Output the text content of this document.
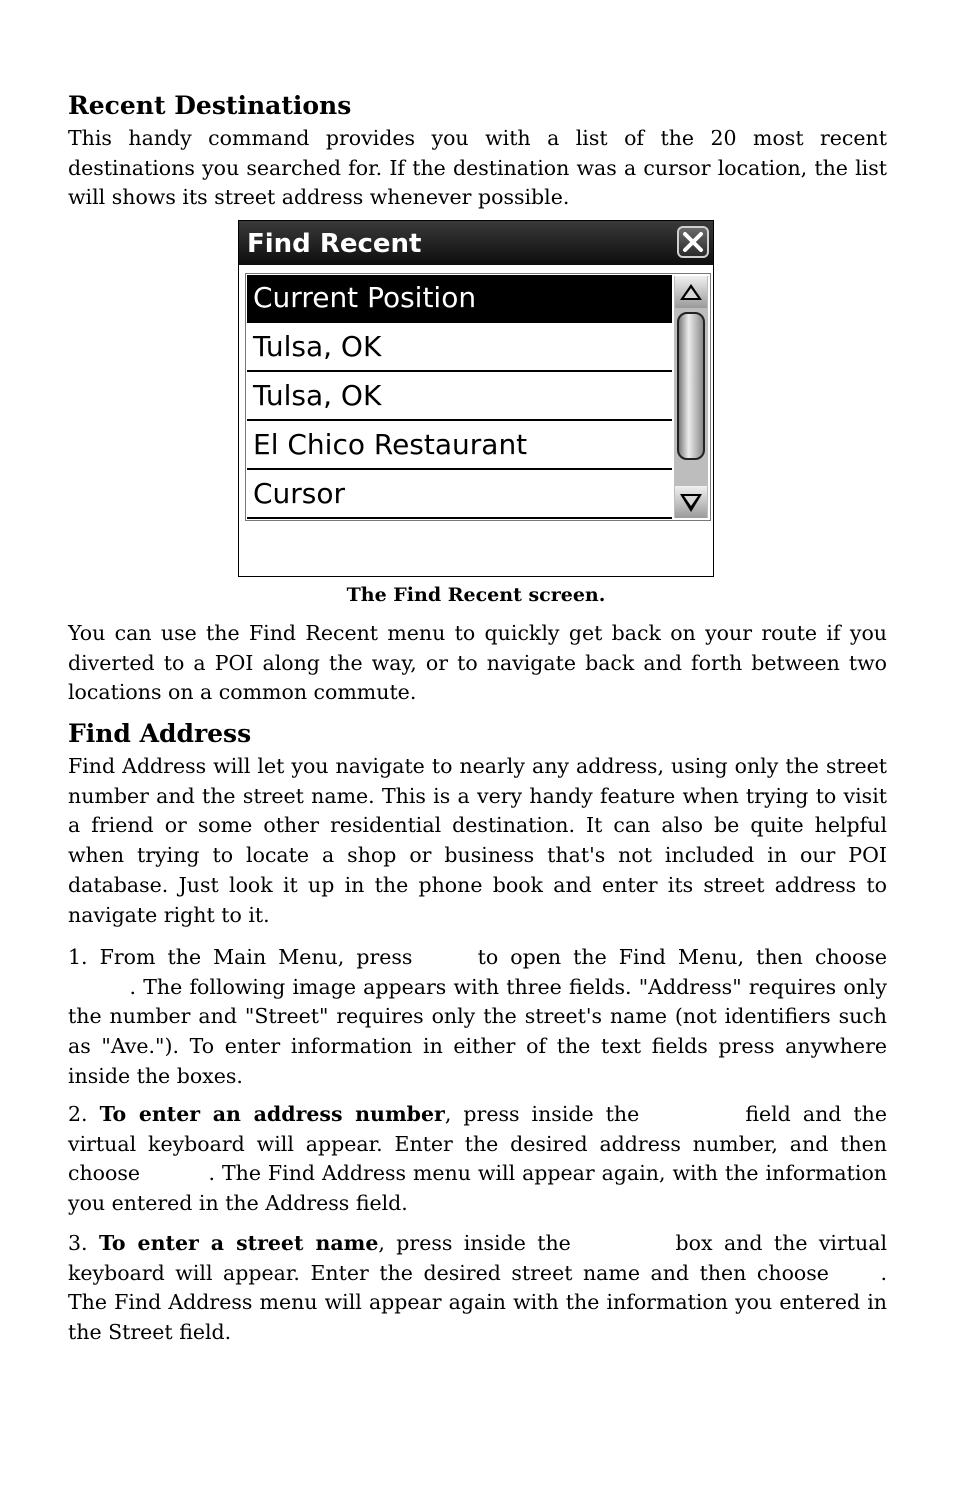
Recent Destinations

This handy command provides you with a list of the 20 most recent destinations you searched for. If the destination was a cursor location, the list will shows its street address whenever possible.

Find Recent
Current Position
Tulsa, OK
Tulsa, OK
El Chico Restaurant
Cursor
The Find Recent screen.

You can use the Find Recent menu to quickly get back on your route if you diverted to a POI along the way, or to navigate back and forth between two locations on a common commute.

Find Address

Find Address will let you navigate to nearly any address, using only the street number and the street name. This is a very handy feature when trying to visit a friend or some other residential destination. It can also be quite helpful when trying to locate a shop or business that's not included in our POI database. Just look it up in the phone book and enter its street address to navigate right to it.

1. From the Main Menu, press    to open the Find Menu, then choose    . The following image appears with three fields. "Address" requires only the number and "Street" requires only the street's name (not identifiers such as "Ave."). To enter information in either of the text fields press anywhere inside the boxes.

2. To enter an address number, press inside the      field and the virtual keyboard will appear. Enter the desired address number, and then choose    . The Find Address menu will appear again, with the information you entered in the Address field.

3. To enter a street name, press inside the      box and the virtual keyboard will appear. Enter the desired street name and then choose   . The Find Address menu will appear again with the information you entered in the Street field.
